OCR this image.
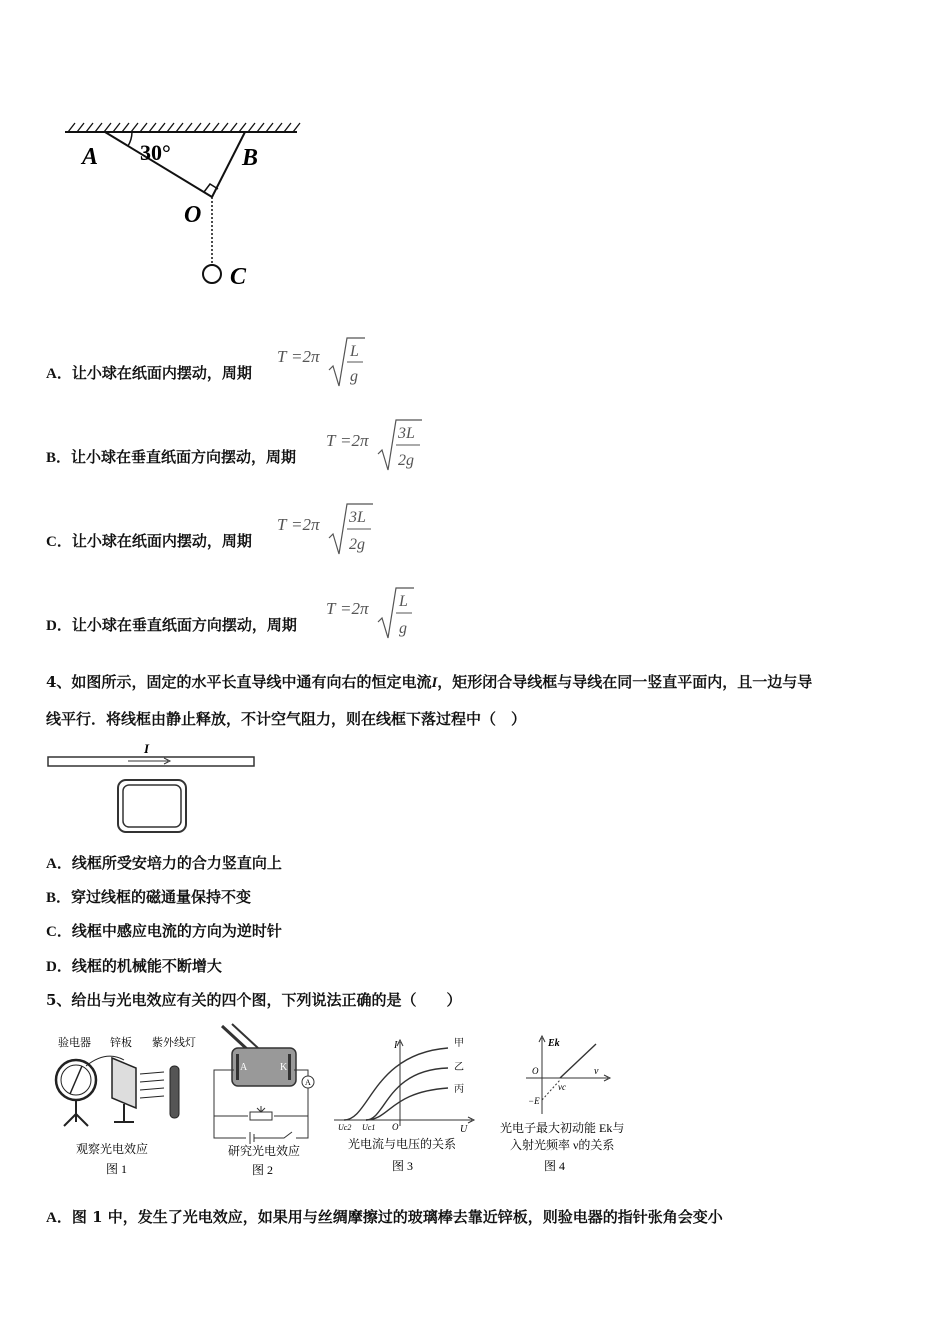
A 30°	B
O
C
A．让小球在纸面内摆动，周期
B．让小球在垂直纸面方向摆动，周期
C．让小球在纸面内摆动，周期
D．让小球在垂直纸面方向摆动，周期
T =2π L
g
T =2π 3L
2g
T =2π 3L
2g
T =2π L
g
4、如图所示，固定的水平长直导线中通有向右的恒定电流I，矩形闭合导线框与导线在同一竖直平面内，且一边与导
线平行．将线框由静止释放，不计空气阻力，则在线框下落过程中（　）
I
A．线框所受安培力的合力竖直向上
B．穿过线框的磁通量保持不变
C．线框中感应电流的方向为逆时针
D．线框的机械能不断增大
5、给出与光电效应有关的四个图，下列说法正确的是（　　）
验电器 锌板 紫外线灯
观察光电效应
图 1
A	K
A
研究光电效应
图 2
I
U
甲
乙
丙
Uc2 Uc1 O
光电流与电压的关系
图 3
Ek
ν
O
−E
νc
光电子最大初动能 Ek与
入射光频率 ν的关系
图 4
A．图 1 中，发生了光电效应，如果用与丝绸摩擦过的玻璃棒去靠近锌板，则验电器的指针张角会变小
